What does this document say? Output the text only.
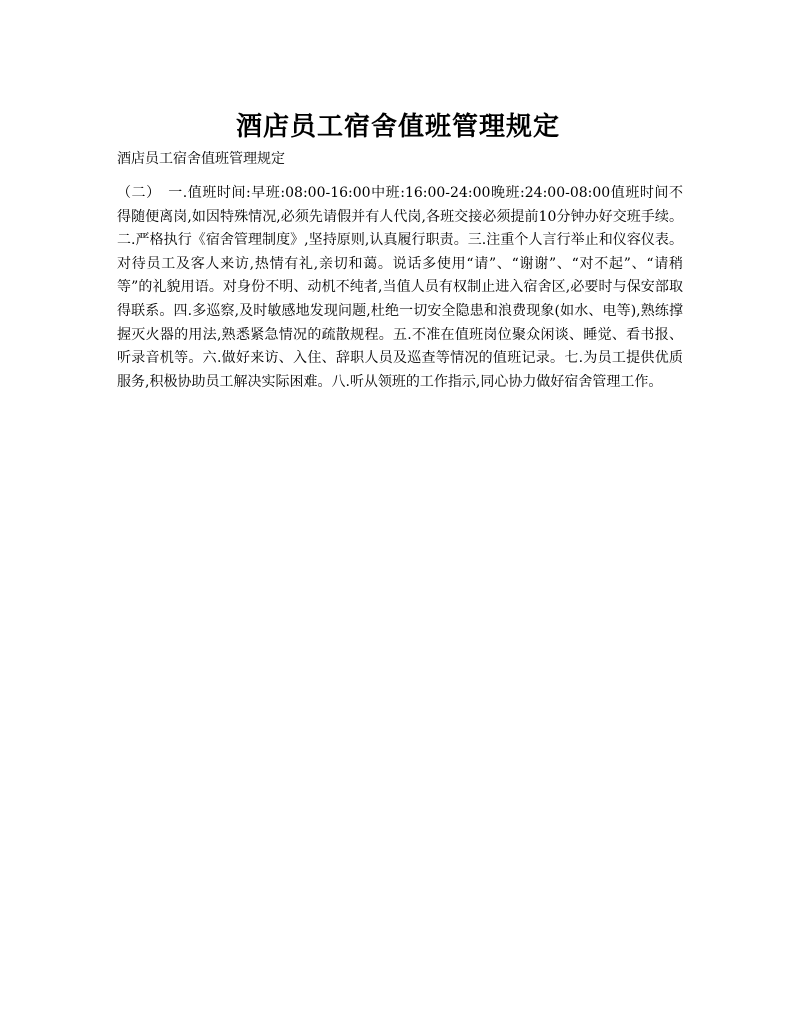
酒店员工宿舍值班管理规定
酒店员工宿舍值班管理规定
（二）　一.值班时间:早班:08:00-16:00中班:16:00-24:00晚班:24:00-08:00值班时间不得随便离岗,如因特殊情况,必须先请假并有人代岗,各班交接必须提前10分钟办好交班手续。二.严格执行《宿舍管理制度》,坚持原则,认真履行职责。三.注重个人言行举止和仪容仪表。对待员工及客人来访,热情有礼,亲切和蔼。说话多使用“请”、“谢谢”、“对不起”、“请稍等”的礼貌用语。对身份不明、动机不纯者,当值人员有权制止进入宿舍区,必要时与保安部取得联系。四.多巡察,及时敏感地发现问题,杜绝一切安全隐患和浪费现象(如水、电等),熟练撑握灭火器的用法,熟悉紧急情况的疏散规程。五.不准在值班岗位聚众闲谈、睡觉、看书报、听录音机等。六.做好来访、入住、辞职人员及巡查等情况的值班记录。七.为员工提供优质服务,积极协助员工解决实际困难。八.听从领班的工作指示,同心协力做好宿舍管理工作。
